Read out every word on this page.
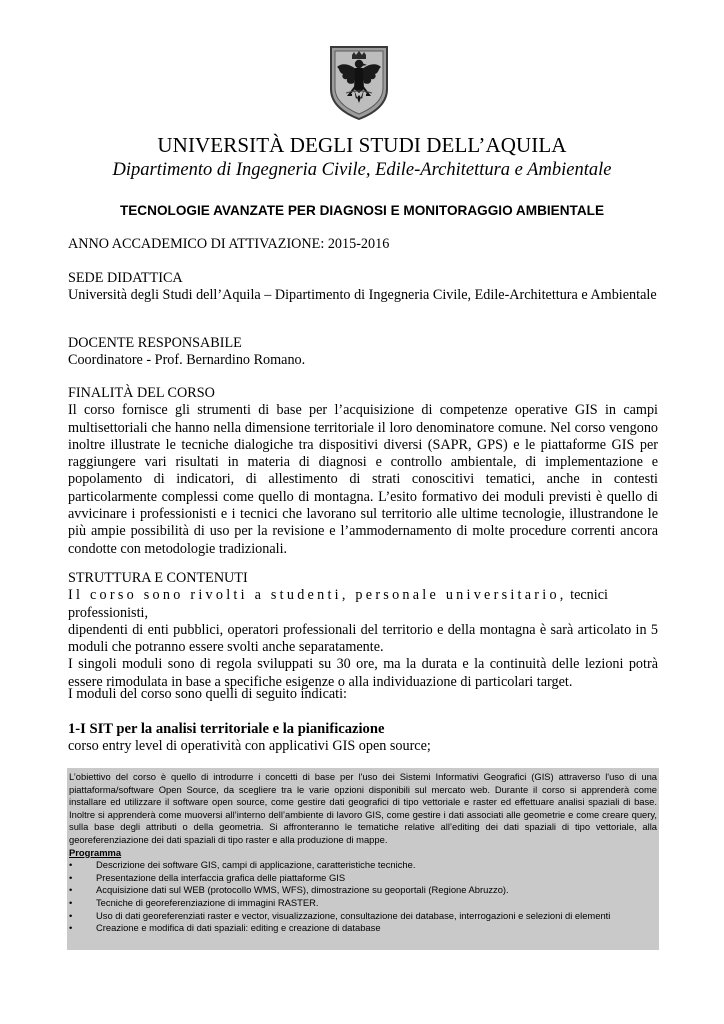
UNIVERSITÀ DEGLI STUDI DELL’AQUILA
Dipartimento di Ingegneria Civile, Edile-Architettura e Ambientale
TECNOLOGIE AVANZATE PER DIAGNOSI E MONITORAGGIO AMBIENTALE
ANNO ACCADEMICO DI ATTIVAZIONE: 2015-2016
SEDE DIDATTICA
Università degli Studi dell’Aquila – Dipartimento di Ingegneria Civile, Edile-Architettura e Ambientale
DOCENTE RESPONSABILE
Coordinatore - Prof. Bernardino Romano.
FINALITÀ DEL CORSO
Il corso fornisce gli strumenti di base per l’acquisizione di competenze operative GIS in campi multisettoriali che hanno nella dimensione territoriale il loro denominatore comune. Nel corso vengono inoltre illustrate le tecniche dialogiche tra dispositivi diversi (SAPR, GPS) e le piattaforme GIS per raggiungere vari risultati in materia di diagnosi e controllo ambientale, di implementazione e popolamento di indicatori, di allestimento di strati conoscitivi tematici, anche in contesti particolarmente complessi come quello di montagna. L’esito formativo dei moduli previsti è quello di avvicinare i professionisti e i tecnici che lavorano sul territorio alle ultime tecnologie, illustrandone le più ampie possibilità di uso per la revisione e l’ammodernamento di molte procedure correnti ancora condotte con metodologie tradizionali.
STRUTTURA E CONTENUTI
Il corso sono rivolti a studenti, personale universitario, tecnici professionisti,
dipendenti di enti pubblici, operatori professionali del territorio e della montagna è sarà articolato in 5 moduli che potranno essere svolti anche separatamente.
I singoli moduli sono di regola sviluppati su 30 ore, ma la durata e la continuità delle lezioni potrà essere rimodulata in base a specifiche esigenze o alla individuazione di particolari target.
I moduli del corso sono quelli di seguito indicati:
1-I SIT per la analisi territoriale e la pianificazione
corso entry level di operatività con applicativi GIS open source;
L’obiettivo del corso è quello di introdurre i concetti di base per l'uso dei Sistemi Informativi Geografici (GIS) attraverso l'uso di una piattaforma/software Open Source, da scegliere tra le varie opzioni disponibili sul mercato web. Durante il corso si apprenderà come installare ed utilizzare il software open source, come gestire dati geografici di tipo vettoriale e raster ed effettuare analisi spaziali di base. Inoltre si apprenderà come muoversi all’interno dell’ambiente di lavoro GIS, come gestire i dati associati alle geometrie e come creare query, sulla base degli attributi o della geometria. Si affronteranno le tematiche relative all’editing dei dati spaziali di tipo vettoriale, alla georeferenziazione dei dati spaziali di tipo raster e alla produzione di mappe.
Programma
•	Descrizione dei software GIS, campi di applicazione, caratteristiche tecniche.
•	Presentazione della interfaccia grafica delle piattaforme GIS
•	Acquisizione dati sul WEB (protocollo WMS, WFS), dimostrazione su geoportali (Regione Abruzzo).
•	Tecniche di georeferenziazione di immagini RASTER.
•	Uso di dati georeferenziati raster e vector, visualizzazione, consultazione dei database, interrogazioni e selezioni di elementi
•	Creazione e modifica di dati spaziali: editing e creazione di database
